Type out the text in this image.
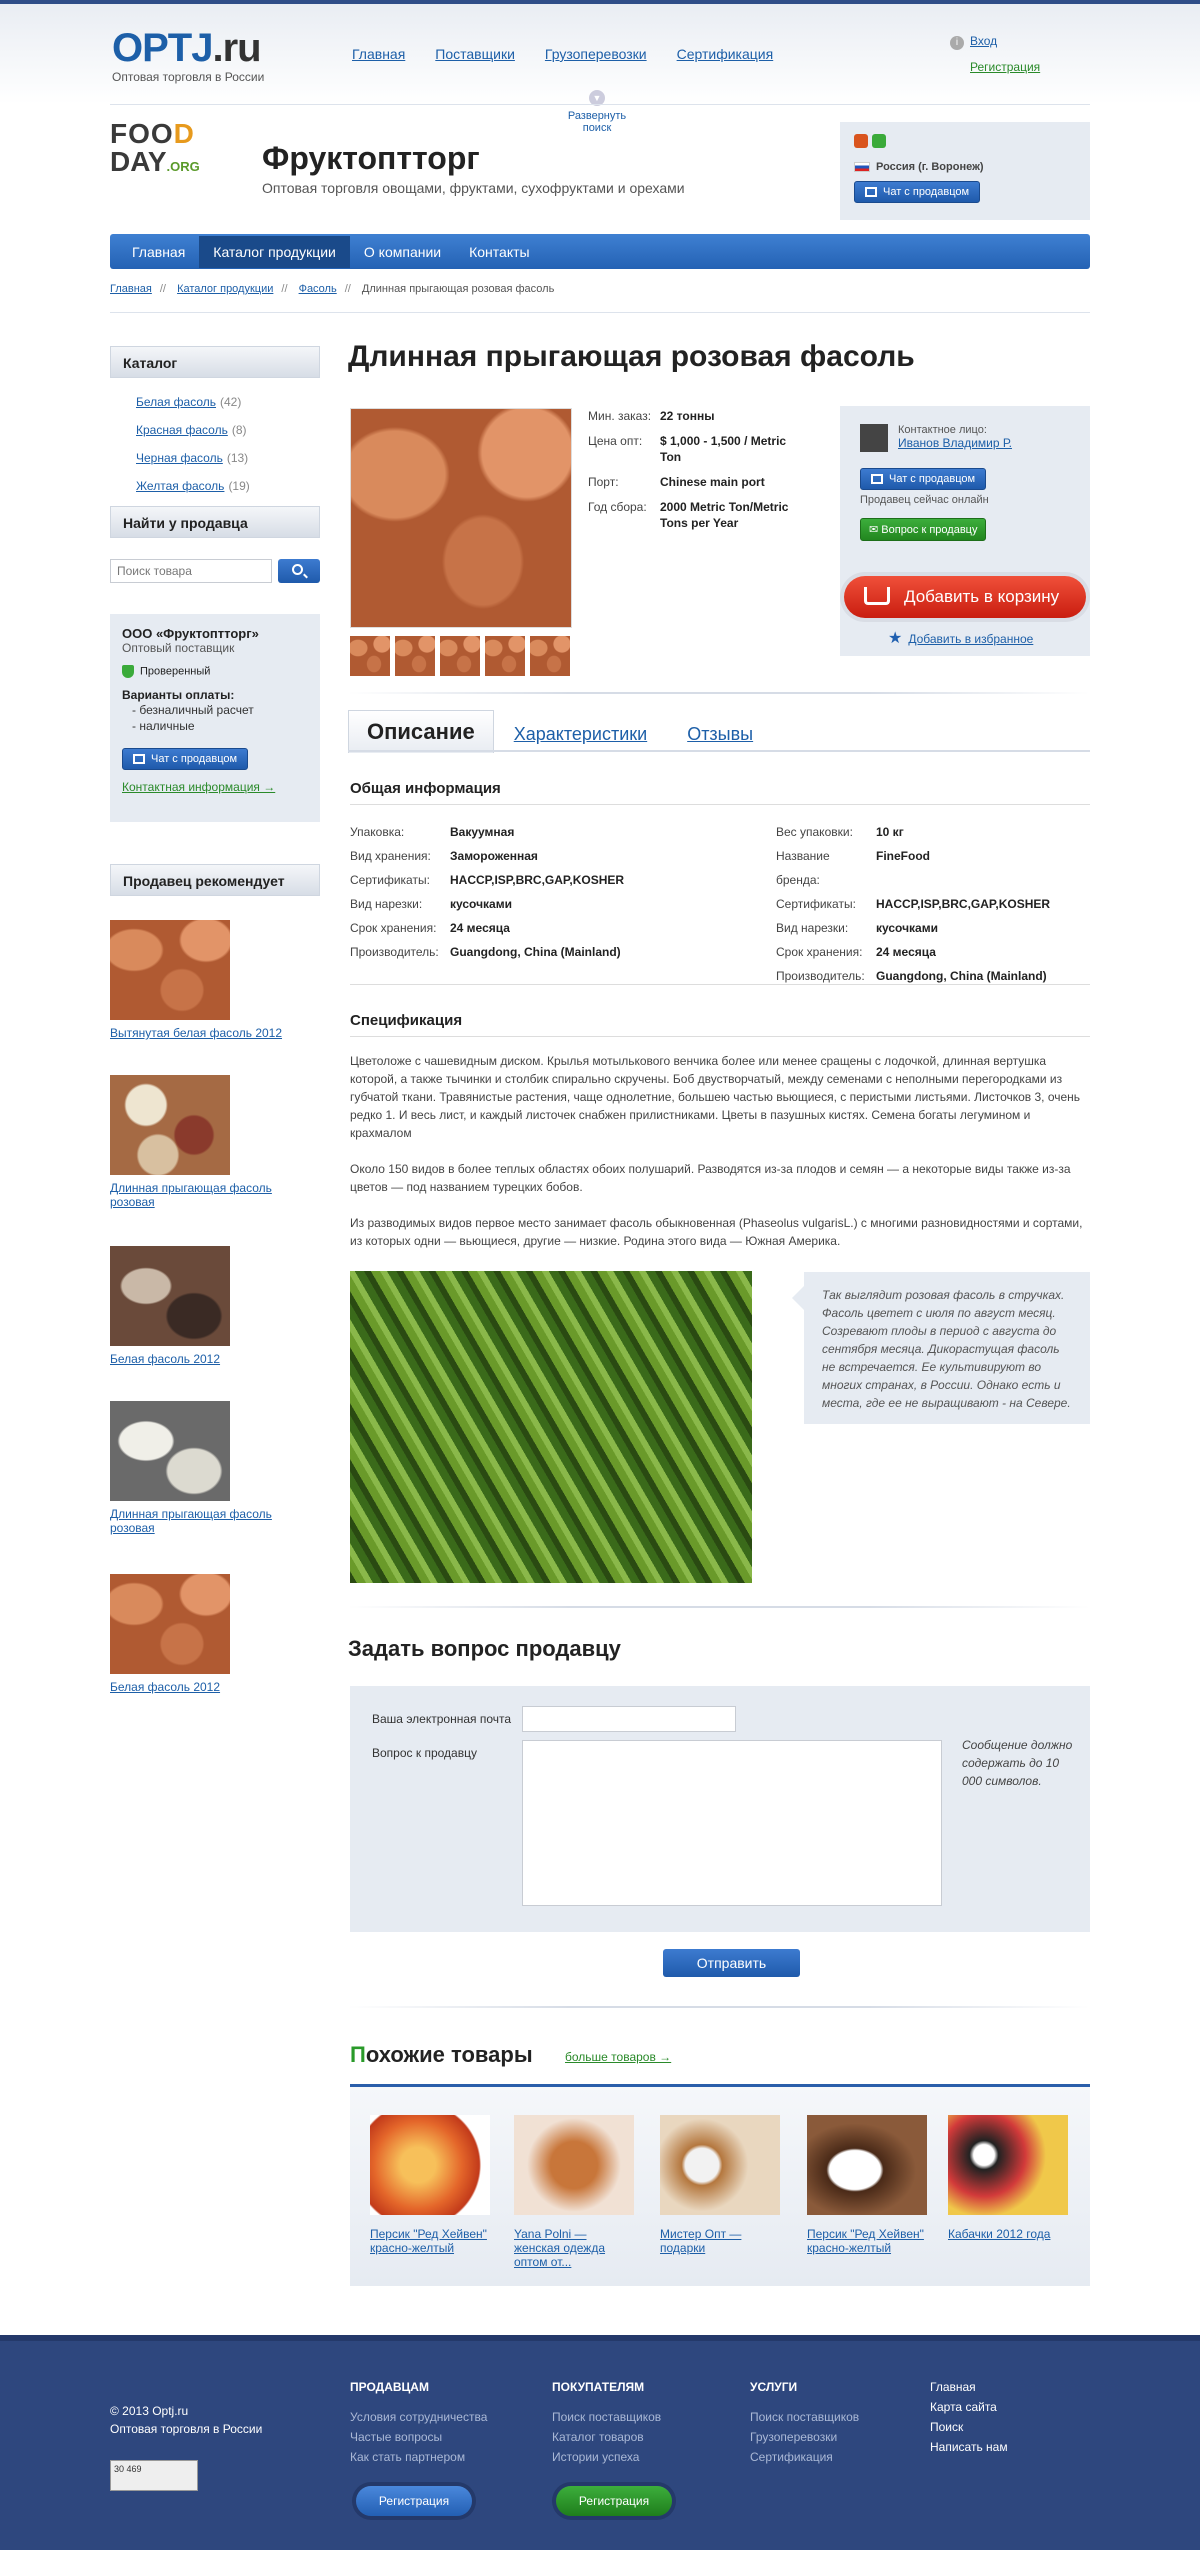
OPTJ.ru
Оптовая торговля в России
Главная Поставщики Грузоперевозки Сертификация
i Вход
Регистрация
▼
Развернуть поиск
FOOD
DAY.ORG	Фруктоптторг
Оптовая торговля овощами, фруктами, сухофруктами и орехами
Россия (г. Воронеж)
Чат с продавцом
Главная	Каталог продукции	О компании	Контакты
Главная // Каталог продукции // Фасоль // Длинная прыгающая розовая фасоль
Каталог
Белая фасоль (42)
Красная фасоль (8)
Черная фасоль (13)
Желтая фасоль (19)
Найти у продавца
Поиск товара
ООО «Фруктоптторг»
Оптовый поставщик
Проверенный
Варианты оплаты:
- безналичный расчет
- наличные
Чат с продавцом
Контактная информация →
Продавец рекомендует
Вытянутая белая фасоль 2012
Длинная прыгающая фасоль розовая
Белая фасоль 2012
Длинная прыгающая фасоль розовая
Белая фасоль 2012
Длинная прыгающая розовая фасоль
Мин. заказ: 22 тонны
Цена опт:	$ 1,000 - 1,500 / Metric Ton
Порт:	Chinese main port
Год сбора:	2000 Metric Ton/Metric Tons per Year
Контактное лицо:
Иванов Владимир Р.
Чат с продавцом
Продавец сейчас онлайн
✉ Вопрос к продавцу
Добавить в корзину
★ Добавить в избранное
Описание	Характеристики	Отзывы
Общая информация
Упаковка:	Вакуумная
Вид хранения:	Замороженная
Сертификаты:	HACCP,ISP,BRC,GAP,KOSHER
Вид нарезки:	кусочками
Срок хранения:	24 месяца
Производитель: Guangdong, China (Mainland)
Вес упаковки:	10 кг
Название бренда:
FineFood
Сертификаты:	HACCP,ISP,BRC,GAP,KOSHER
Вид нарезки:	кусочками
Срок хранения:	24 месяца
Производитель: Guangdong, China (Mainland)
Спецификация

Цветоложе с чашевидным диском. Крылья мотылькового венчика более или менее сращены с лодочкой, длинная вертушка которой, а также тычинки и столбик спирально скручены. Боб двустворчатый, между семенами с неполными перегородками из губчатой ткани. Травянистые растения, чаще однолетние, большею частью вьющиеся, с перистыми листьями. Листочков 3, очень редко 1. И весь лист, и каждый листочек снабжен прилистниками. Цветы в пазушных кистях. Семена богаты легумином и крахмалом

Около 150 видов в более теплых областях обоих полушарий. Разводятся из-за плодов и семян — а некоторые виды также из-за цветов — под названием турецких бобов.

Из разводимых видов первое место занимает фасоль обыкновенная (Phaseolus vulgarisL.) с многими разновидностями и сортами, из которых одни — вьющиеся, другие — низкие. Родина этого вида — Южная Америка.

Так выглядит розовая фасоль в стручках. Фасоль цветет с июля по август месяц. Созревают плоды в период с августа до сентября месяца. Дикорастущая фасоль не встречается. Ее культивируют во многих странах, в России. Однако есть и места, где ее не выращивают - на Севере.
Задать вопрос продавцу
Ваша электронная почта
Вопрос к продавцу
Сообщение должно содержать до 10 000 символов.
Отправить
Похожие товары	больше товаров →
Персик "Ред Хейвен" красно-желтый
Yana Polni — женская одежда оптом от...
Мистер Опт — подарки
Персик "Ред Хейвен" красно-желтый
Кабачки 2012 года
© 2013 Optj.ru
Оптовая торговля в России
30 469
ПРОДАВЦАМ
Условия сотрудничества
Частые вопросы
Как стать партнером
ПОКУПАТЕЛЯМ
Поиск поставщиков
Каталог товаров
Истории успеха
УСЛУГИ
Поиск поставщиков
Грузоперевозки
Сертификация
Главная
Карта сайта
Поиск
Написать нам
Регистрация	Регистрация
